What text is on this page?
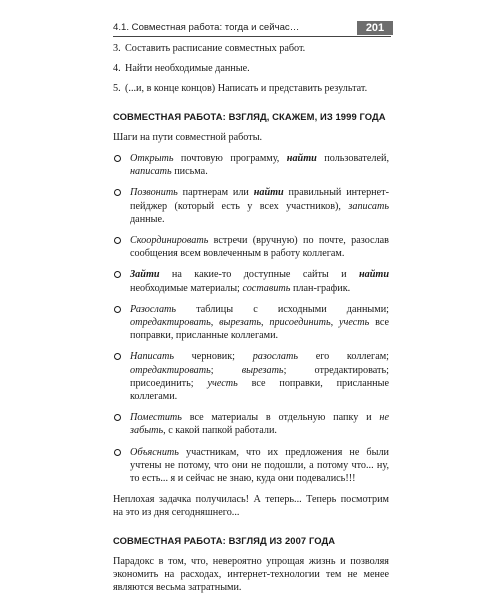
4.1. Совместная работа: тогда и сейчас…	201
3. Составить расписание совместных работ.
4. Найти необходимые данные.
5. (...и, в конце концов) Написать и представить результат.
СОВМЕСТНАЯ РАБОТА: ВЗГЛЯД, СКАЖЕМ, ИЗ 1999 ГОДА

Шаги на пути совместной работы.

Открыть почтовую программу, найти пользователей, написать письма.
Позвонить партнерам или найти правильный интернет-пейджер (который есть у всех участников), записать данные.
Скоординировать встречи (вручную) по почте, разослав сообщения всем вовлеченным в работу коллегам.
Зайти на какие-то доступные сайты и найти необходимые материалы; составить план-график.
Разослать таблицы с исходными данными; отредактировать, вырезать, присоединить, учесть все поправки, присланные коллегами.
Написать черновик; разослать его коллегам; отредактировать; вырезать; отредактировать; присоединить; учесть все поправки, присланные коллегами.
Поместить все материалы в отдельную папку и не забыть, с какой папкой работали.
Объяснить участникам, что их предложения не были учтены не потому, что они не подошли, а потому что... ну, то есть... я и сейчас не знаю, куда они подевались!!!

Неплохая задачка получилась! А теперь... Теперь посмотрим на это из дня сегодняшнего...

СОВМЕСТНАЯ РАБОТА: ВЗГЛЯД ИЗ 2007 ГОДА

Парадокс в том, что, невероятно упрощая жизнь и позволяя экономить на расходах, интернет-технологии тем не менее являются весьма затратными.
